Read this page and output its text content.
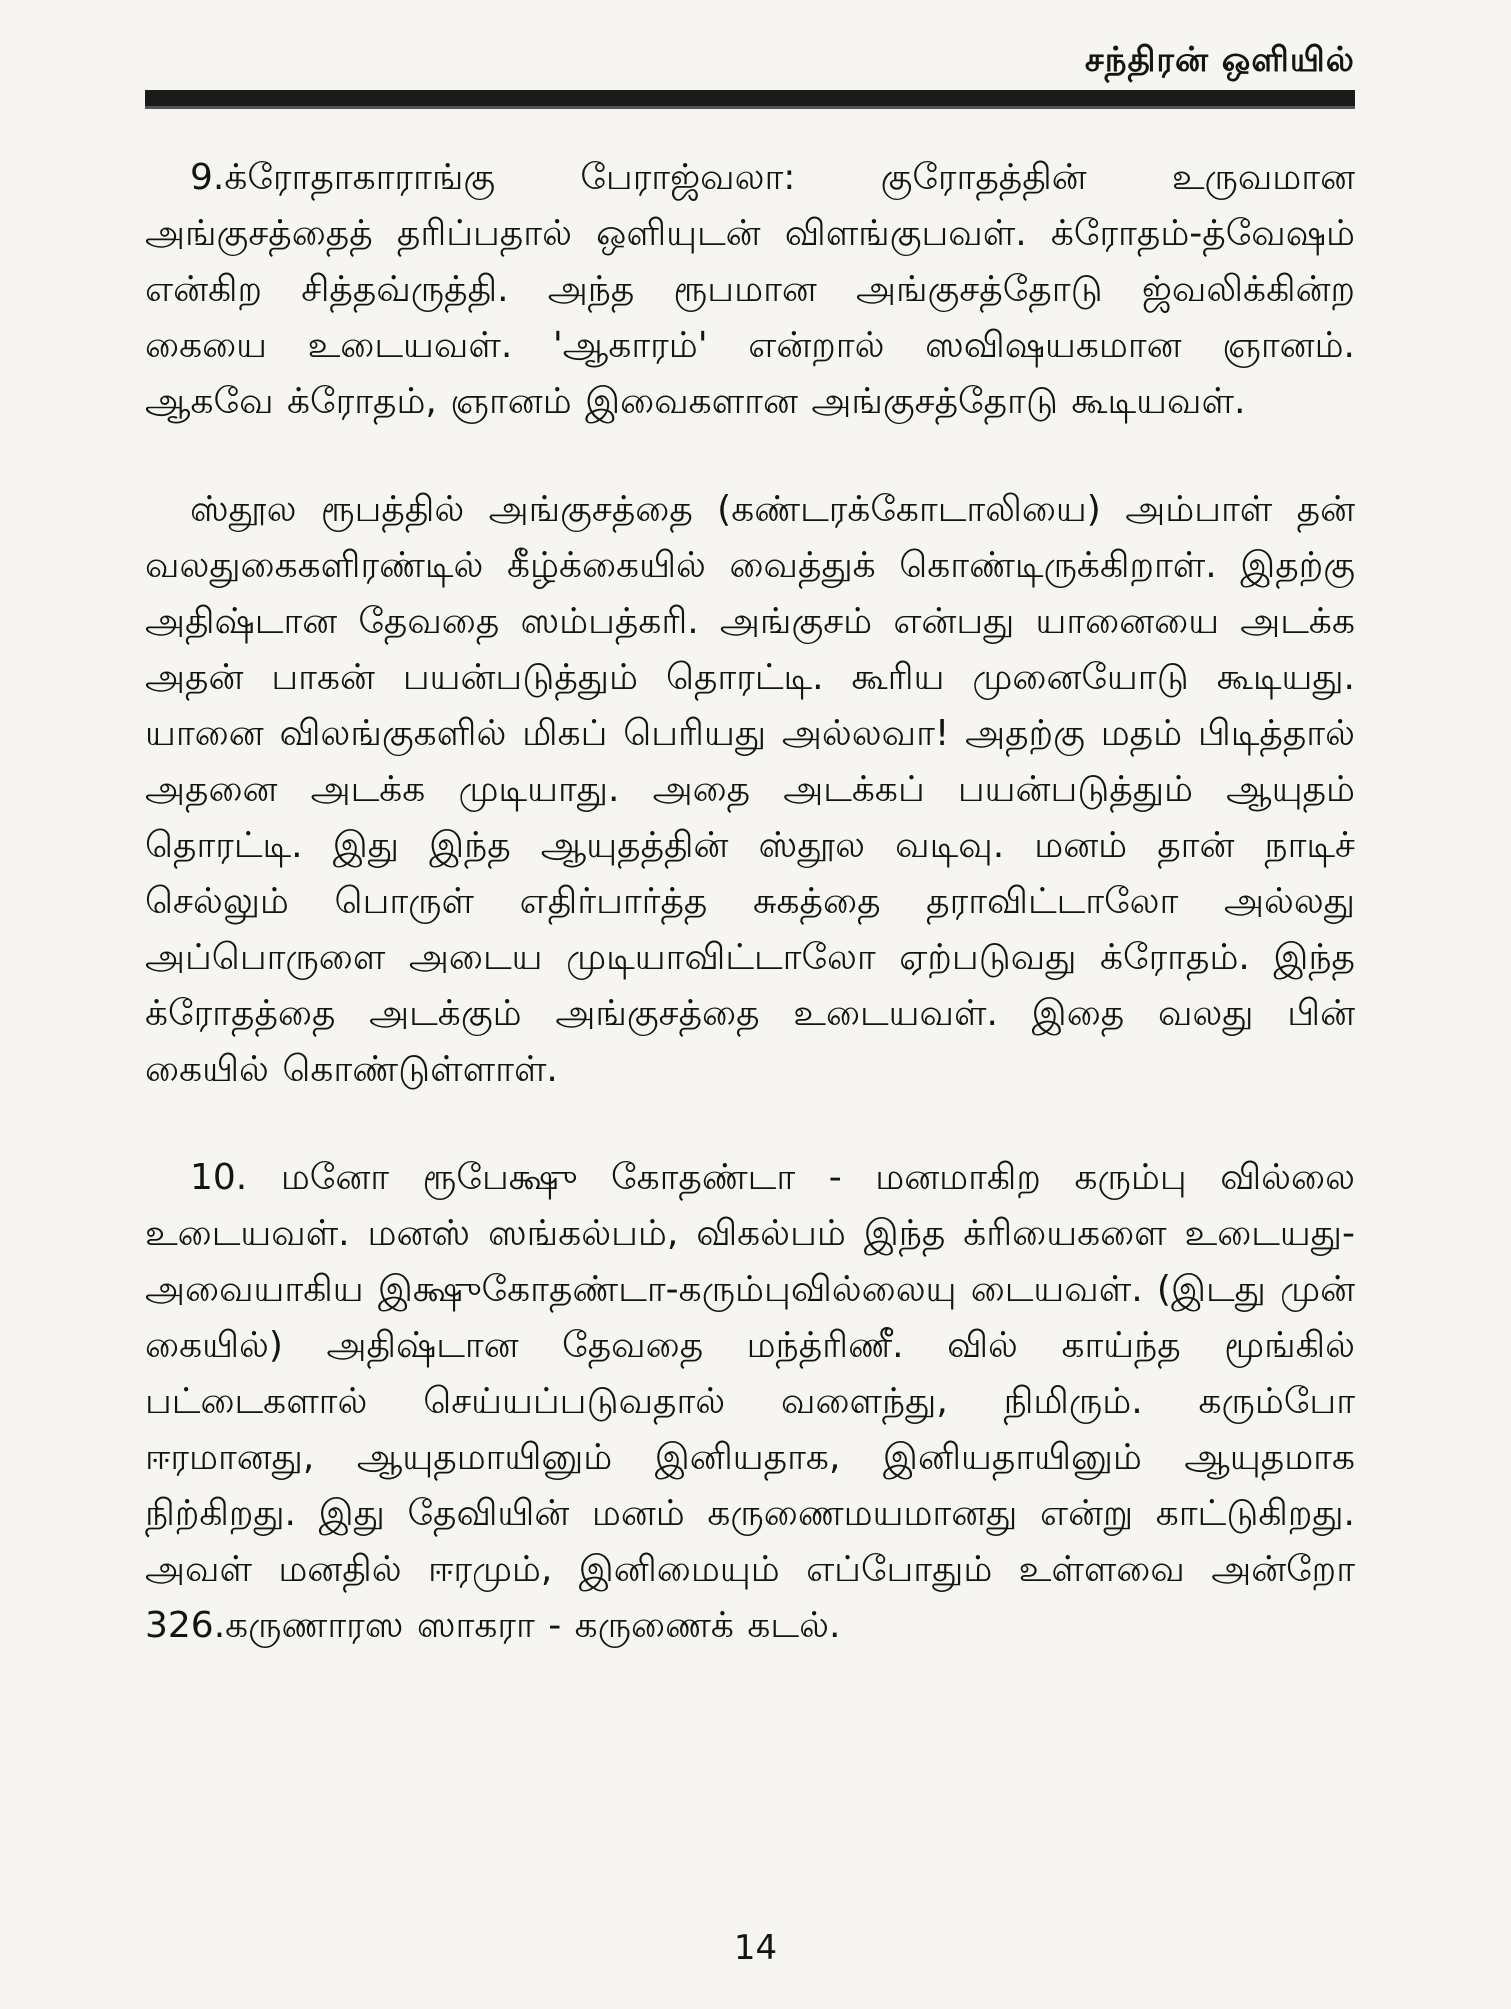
சந்திரன் ஒளியில்

9.க்ரோதாகாராங்கு பேராஜ்வலா: குரோதத்தின் உருவமான அங்குசத்தைத் தரிப்பதால் ஒளியுடன் விளங்குபவள். க்ரோதம்-த்வேஷம் என்கிற சித்தவ்ருத்தி. அந்த ரூபமான அங்குசத்தோடு ஜ்வலிக்கின்ற கையை உடையவள். 'ஆகாரம்' என்றால் ஸவிஷயகமான ஞானம். ஆகவே க்ரோதம், ஞானம் இவைகளான அங்குசத்தோடு கூடியவள்.

ஸ்தூல ரூபத்தில் அங்குசத்தை (கண்டரக்கோடாலியை) அம்பாள் தன் வலதுகைகளிரண்டில் கீழ்க்கையில் வைத்துக் கொண்டிருக்கிறாள். இதற்கு அதிஷ்டான தேவதை ஸம்பத்கரி. அங்குசம் என்பது யானையை அடக்க அதன் பாகன் பயன்படுத்தும் தொரட்டி. கூரிய முனையோடு கூடியது. யானை விலங்குகளில் மிகப் பெரியது அல்லவா! அதற்கு மதம் பிடித்தால் அதனை அடக்க முடியாது. அதை அடக்கப் பயன்படுத்தும் ஆயுதம் தொரட்டி. இது இந்த ஆயுதத்தின் ஸ்தூல வடிவு. மனம் தான் நாடிச் செல்லும் பொருள் எதிர்பார்த்த சுகத்தை தராவிட்டாலோ அல்லது அப்பொருளை அடைய முடியாவிட்டாலோ ஏற்படுவது க்ரோதம். இந்த க்ரோதத்தை அடக்கும் அங்குசத்தை உடையவள். இதை வலது பின் கையில் கொண்டுள்ளாள்.

10. மனோ ரூபேக்ஷு கோதண்டா - மனமாகிற கரும்பு வில்லை உடையவள். மனஸ் ஸங்கல்பம், விகல்பம் இந்த க்ரியைகளை உடையது- அவையாகிய இக்ஷுகோதண்டா-கரும்புவில்லையு டையவள். (இடது முன் கையில்) அதிஷ்டான தேவதை மந்த்ரிணீ. வில் காய்ந்த மூங்கில் பட்டைகளால் செய்யப்படுவதால் வளைந்து, நிமிரும். கரும்போ ஈரமானது, ஆயுதமாயினும் இனியதாக, இனியதாயினும் ஆயுதமாக நிற்கிறது. இது தேவியின் மனம் கருணைமயமானது என்று காட்டுகிறது. அவள் மனதில் ஈரமும், இனிமையும் எப்போதும் உள்ளவை அன்றோ 326.கருணாரஸ ஸாகரா - கருணைக் கடல்.

14
